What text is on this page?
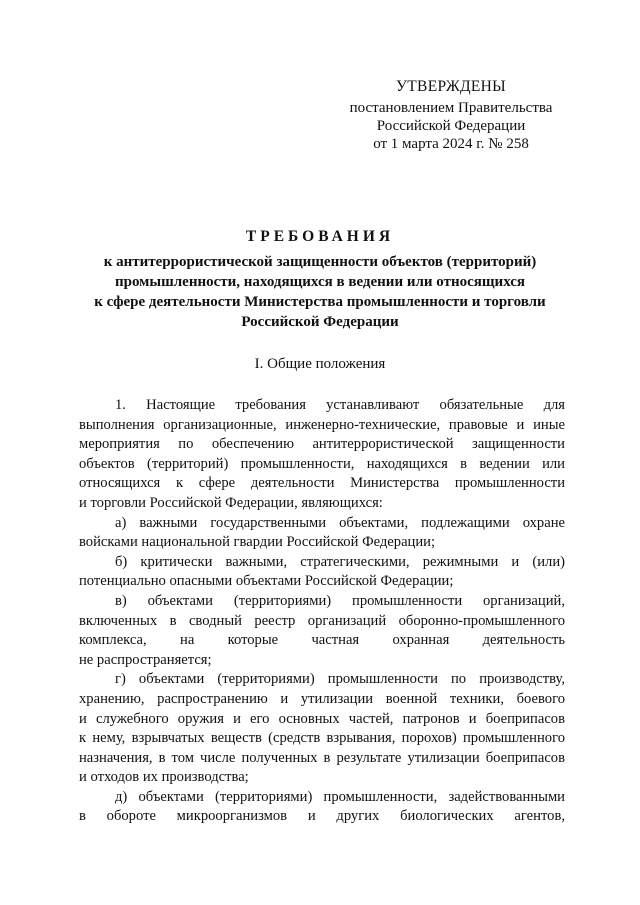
УТВЕРЖДЕНЫ
постановлением Правительства
Российской Федерации
от 1 марта 2024 г. № 258
ТРЕБОВАНИЯ
к антитеррористической защищенности объектов (территорий)
промышленности, находящихся в ведении или относящихся
к сфере деятельности Министерства промышленности и торговли
Российской Федерации
I. Общие положения
1. Настоящие требования устанавливают обязательные для
выполнения организационные, инженерно-технические, правовые и иные
мероприятия по обеспечению антитеррористической защищенности
объектов (территорий) промышленности, находящихся в ведении или
относящихся к сфере деятельности Министерства промышленности
и торговли Российской Федерации, являющихся:
а) важными государственными объектами, подлежащими охране
войсками национальной гвардии Российской Федерации;
б) критически важными, стратегическими, режимными и (или)
потенциально опасными объектами Российской Федерации;
в) объектами (территориями) промышленности организаций,
включенных в сводный реестр организаций оборонно-промышленного
комплекса, на которые частная охранная деятельность
не распространяется;
г) объектами (территориями) промышленности по производству,
хранению, распространению и утилизации военной техники, боевого
и служебного оружия и его основных частей, патронов и боеприпасов
к нему, взрывчатых веществ (средств взрывания, порохов) промышленного
назначения, в том числе полученных в результате утилизации боеприпасов
и отходов их производства;
д) объектами (территориями) промышленности, задействованными
в обороте микроорганизмов и других биологических агентов,
